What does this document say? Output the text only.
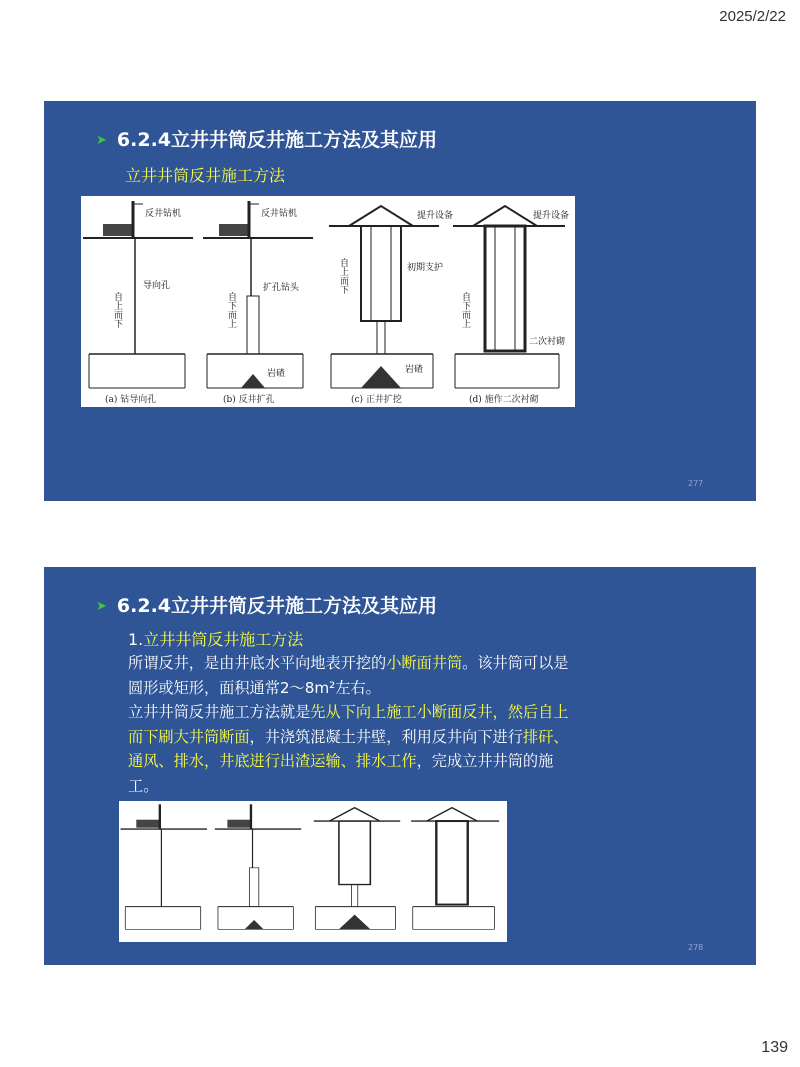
2025/2/22
➤ 6.2.4立井井筒反井施工方法及其应用
立井井筒反井施工方法
反井钻机
导向孔
自上而下
(a) 钻导向孔
反井钻机
扩孔钻头
自下而上
岩碴
(b) 反井扩孔
提升设备
初期支护
自上而下
岩碴
(c) 正井扩挖
提升设备
自下而上
二次衬砌
(d) 施作二次衬砌
277
➤ 6.2.4立井井筒反井施工方法及其应用
1.立井井筒反井施工方法

所谓反井，是由井底水平向地表开挖的小断面井筒。该井筒可以是圆形或矩形，面积通常2～8m²左右。

立井井筒反井施工方法就是先从下向上施工小断面反井，然后自上而下刷大井筒断面，井浇筑混凝土井壁，利用反井向下进行排矸、通风、排水，井底进行出渣运输、排水工作，完成立井井筒的施工。

278
139
